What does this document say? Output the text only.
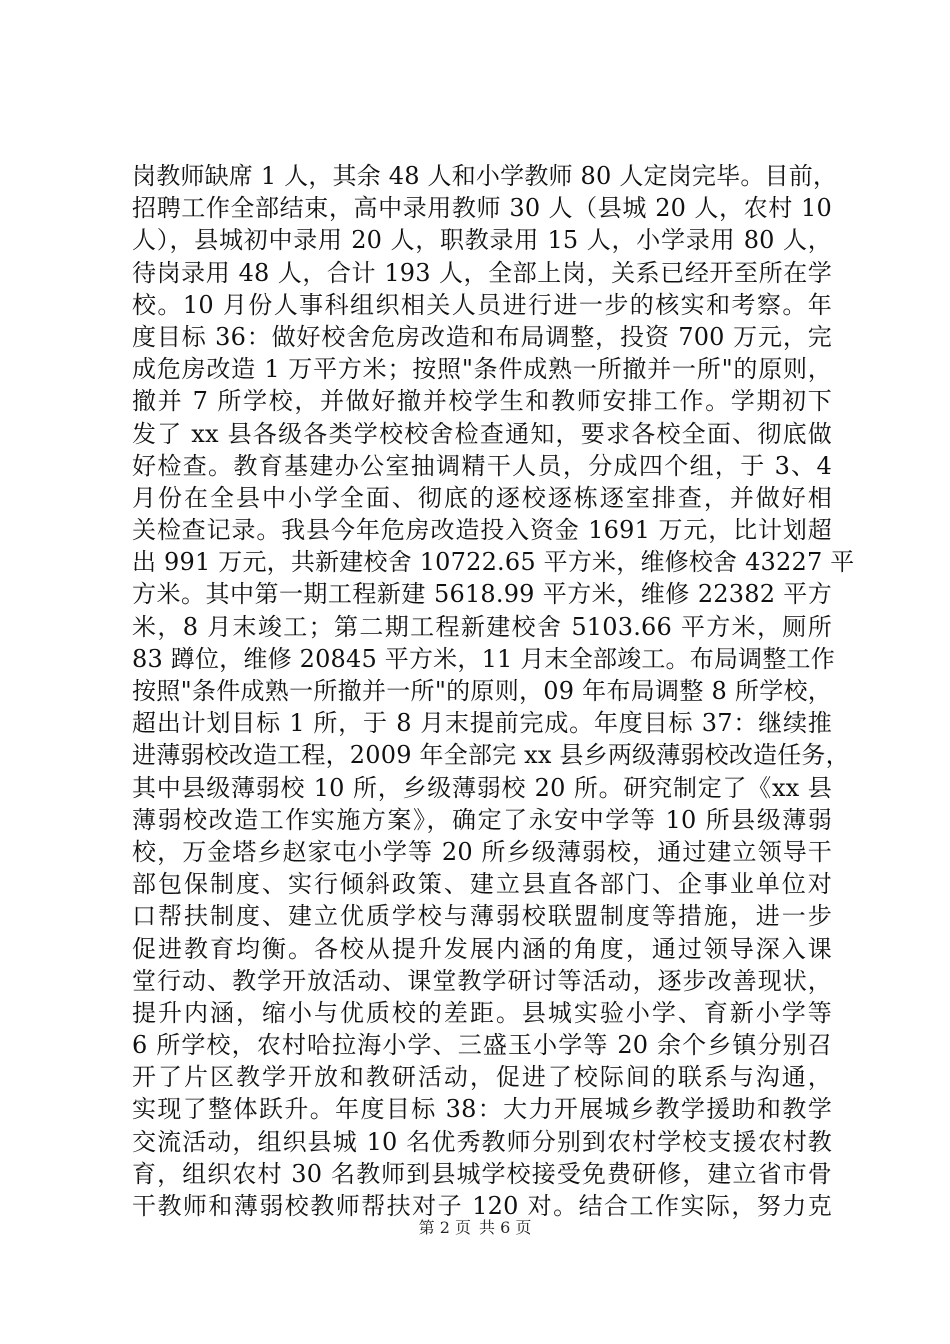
岗教师缺席 1 人，其余 48 人和小学教师 80 人定岗完毕。目前，
招聘工作全部结束，高中录用教师 30 人（县城 20 人，农村 10
人），县城初中录用 20 人，职教录用 15 人，小学录用 80 人，
待岗录用 48 人，合计 193 人，全部上岗，关系已经开至所在学
校。10 月份人事科组织相关人员进行进一步的核实和考察。年
度目标 36：做好校舍危房改造和布局调整，投资 700 万元，完
成危房改造 1 万平方米；按照"条件成熟一所撤并一所"的原则，
撤并 7 所学校，并做好撤并校学生和教师安排工作。学期初下
发了 xx 县各级各类学校校舍检查通知，要求各校全面、彻底做
好检查。教育基建办公室抽调精干人员，分成四个组，于 3、4
月份在全县中小学全面、彻底的逐校逐栋逐室排查，并做好相
关检查记录。我县今年危房改造投入资金 1691 万元，比计划超
出 991 万元，共新建校舍 10722.65 平方米，维修校舍 43227 平
方米。其中第一期工程新建 5618.99 平方米，维修 22382 平方
米，8 月末竣工；第二期工程新建校舍 5103.66 平方米，厕所
83 蹲位，维修 20845 平方米，11 月末全部竣工。布局调整工作
按照"条件成熟一所撤并一所"的原则，09 年布局调整 8 所学校，
超出计划目标 1 所，于 8 月末提前完成。年度目标 37：继续推
进薄弱校改造工程，2009 年全部完 xx 县乡两级薄弱校改造任务，
其中县级薄弱校 10 所，乡级薄弱校 20 所。研究制定了《xx 县
薄弱校改造工作实施方案》，确定了永安中学等 10 所县级薄弱
校，万金塔乡赵家屯小学等 20 所乡级薄弱校，通过建立领导干
部包保制度、实行倾斜政策、建立县直各部门、企事业单位对
口帮扶制度、建立优质学校与薄弱校联盟制度等措施，进一步
促进教育均衡。各校从提升发展内涵的角度，通过领导深入课
堂行动、教学开放活动、课堂教学研讨等活动，逐步改善现状，
提升内涵，缩小与优质校的差距。县城实验小学、育新小学等
6 所学校，农村哈拉海小学、三盛玉小学等 20 余个乡镇分别召
开了片区教学开放和教研活动，促进了校际间的联系与沟通，
实现了整体跃升。年度目标 38：大力开展城乡教学援助和教学
交流活动，组织县城 10 名优秀教师分别到农村学校支援农村教
育，组织农村 30 名教师到县城学校接受免费研修，建立省市骨
干教师和薄弱校教师帮扶对子 120 对。结合工作实际，努力克
第 2 页 共 6 页
